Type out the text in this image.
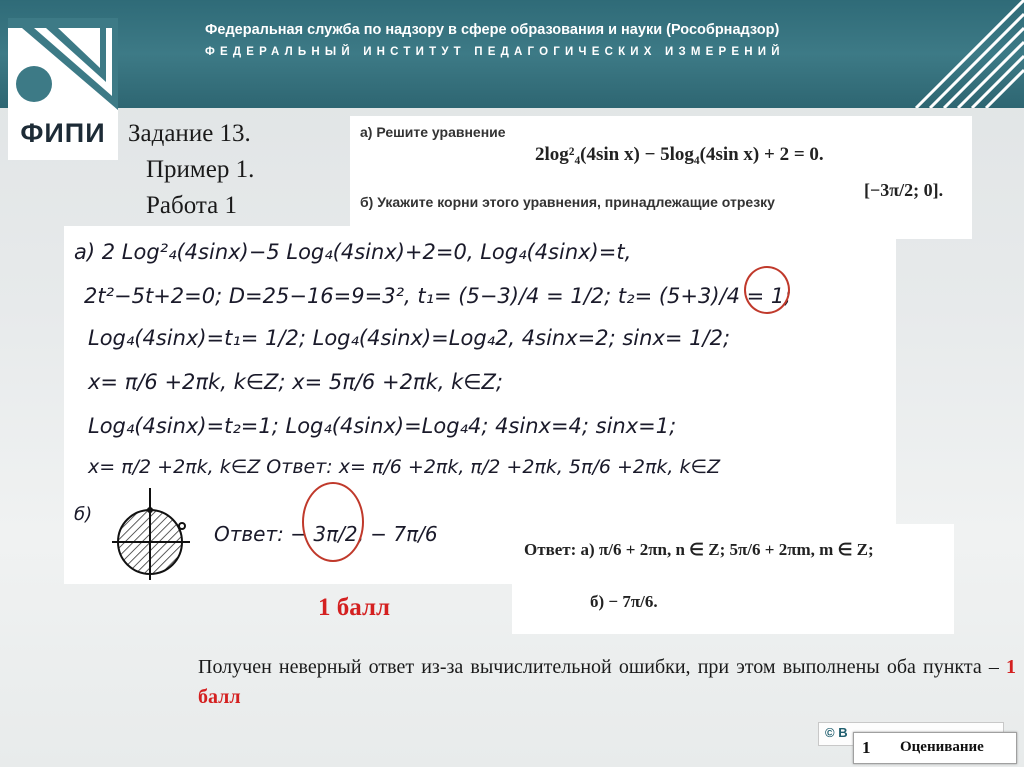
Федеральная служба по надзору в сфере образования и науки (Рособрнадзор)
ФЕДЕРАЛЬНЫЙ ИНСТИТУТ ПЕДАГОГИЧЕСКИХ ИЗМЕРЕНИЙ
ФИПИ Задание 13.
Пример 1.
Работа 1
а) Решите уравнение
2log²₄(4sin x) − 5log₄(4sin x) + 2 = 0.
б) Укажите корни этого уравнения, принадлежащие отрезку
[−3π/2; 0].
а) 2 Log²₄(4sinx)−5 Log₄(4sinx)+2=0, Log₄(4sinx)=t,
2t²−5t+2=0; D=25−16=9=3², t₁= (5−3)/4 = 1/2; t₂= (5+3)/4 = 1;
Log₄(4sinx)=t₁= 1/2; Log₄(4sinx)=Log₄2, 4sinx=2; sinx= 1/2;
x= π/6 +2πk, k∈Z; x= 5π/6 +2πk, k∈Z;
Log₄(4sinx)=t₂=1; Log₄(4sinx)=Log₄4; 4sinx=4; sinx=1;
x= π/2 +2πk, k∈Z Ответ: x= π/6 +2πk, π/2 +2πk, 5π/6 +2πk, k∈Z
б)
Ответ: − 3π/2, − 7π/6
Ответ: а) π/6 + 2πn, n ∈ Z; 5π/6 + 2πm, m ∈ Z;
б) − 7π/6.
1 балл
Получен неверный ответ из-за вычислительной ошибки, при этом выполнены оба пункта – 1 балл
© В
1 Оценивание
